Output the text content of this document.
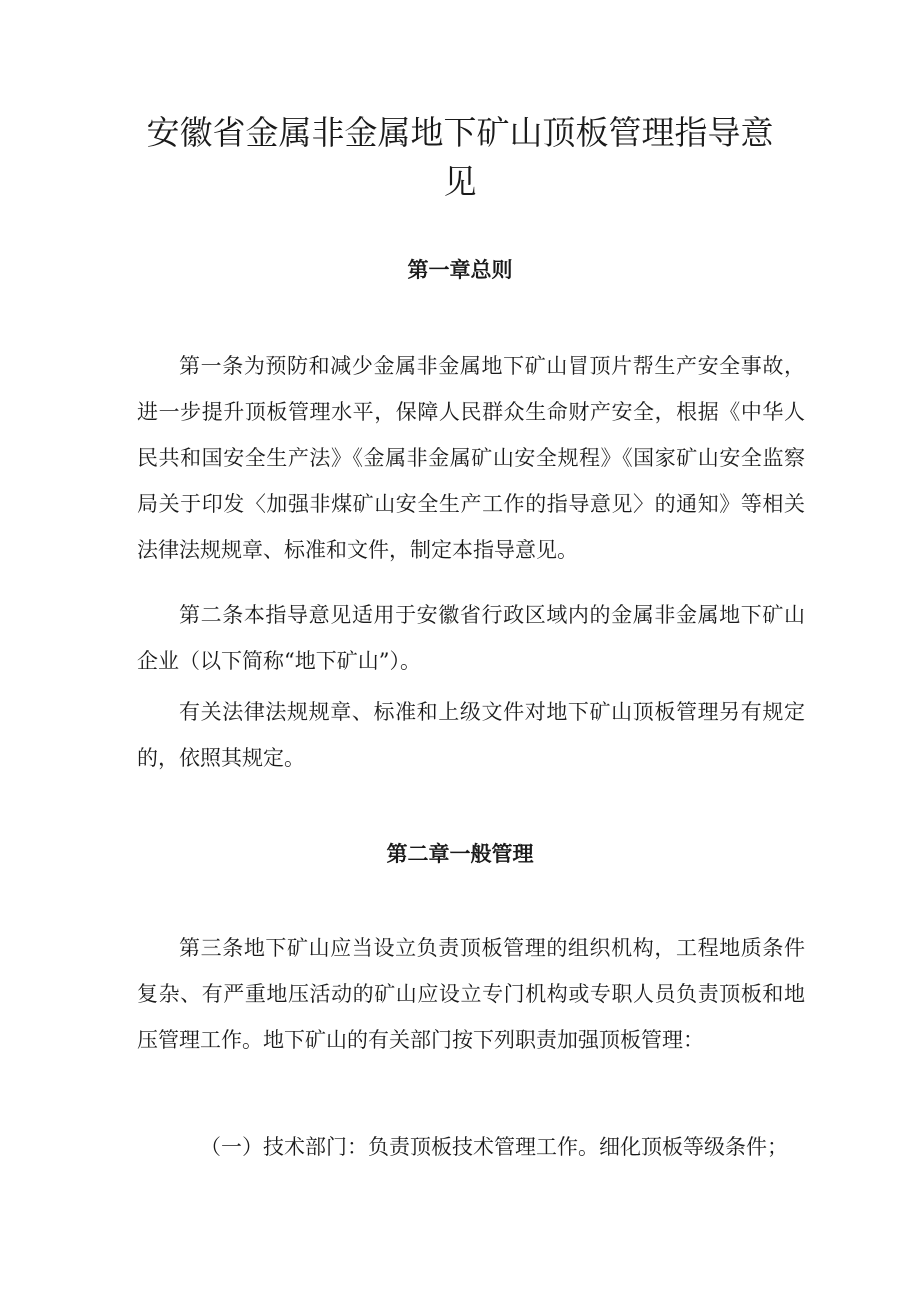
安徽省金属非金属地下矿山顶板管理指导意见
第一章总则

第一条为预防和减少金属非金属地下矿山冒顶片帮生产安全事故，进一步提升顶板管理水平，保障人民群众生命财产安全，根据《中华人民共和国安全生产法》《金属非金属矿山安全规程》《国家矿山安全监察局关于印发〈加强非煤矿山安全生产工作的指导意见〉的通知》等相关法律法规规章、标准和文件，制定本指导意见。

第二条本指导意见适用于安徽省行政区域内的金属非金属地下矿山企业（以下简称“地下矿山”）。

有关法律法规规章、标准和上级文件对地下矿山顶板管理另有规定的，依照其规定。

第二章一般管理

第三条地下矿山应当设立负责顶板管理的组织机构，工程地质条件复杂、有严重地压活动的矿山应设立专门机构或专职人员负责顶板和地压管理工作。地下矿山的有关部门按下列职责加强顶板管理：

（一）技术部门：负责顶板技术管理工作。细化顶板等级条件；
